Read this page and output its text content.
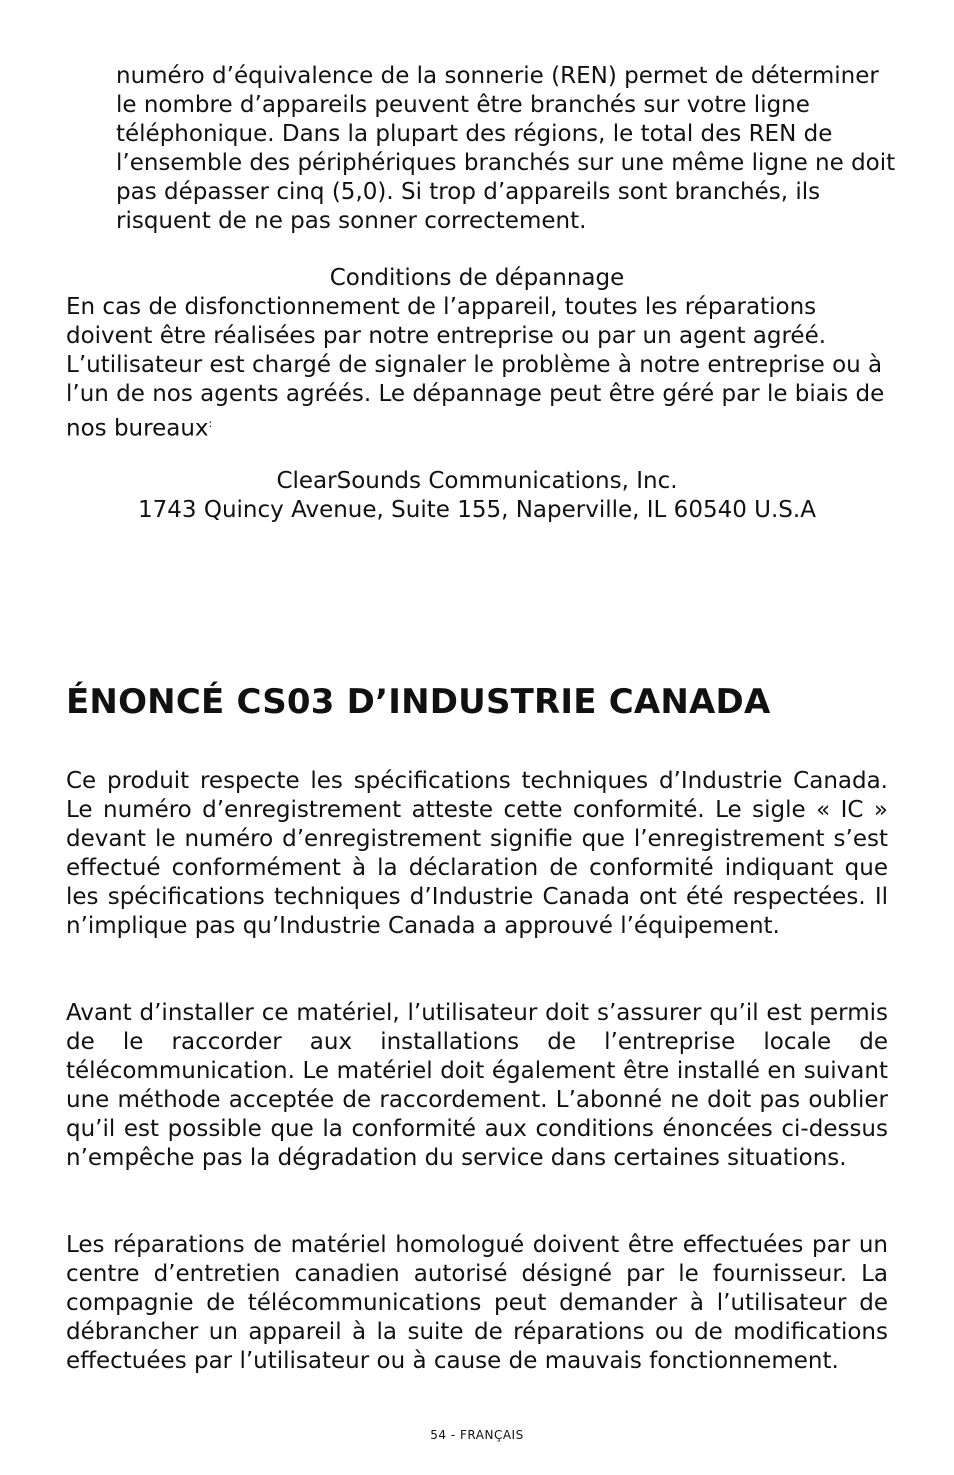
numéro d’équivalence de la sonnerie (REN) permet de déterminer le nombre d’appareils peuvent être branchés sur votre ligne téléphonique. Dans la plupart des régions, le total des REN de l’ensemble des périphériques branchés sur une même ligne ne doit pas dépasser cinq (5,0). Si trop d’appareils sont branchés, ils risquent de ne pas sonner correctement.

Conditions de dépannage

En cas de disfonctionnement de l’appareil, toutes les réparations doivent être réalisées par notre entreprise ou par un agent agréé. L’utilisateur est chargé de signaler le problème à notre entreprise ou à l’un de nos agents agréés. Le dépannage peut être géré par le biais de nos bureaux:

ClearSounds Communications, Inc.
1743 Quincy Avenue, Suite 155, Naperville, IL 60540 U.S.A

ÉNONCÉ CS03 D’INDUSTRIE CANADA

Ce produit respecte les spécifications techniques d’Industrie Canada. Le numéro d’enregistrement atteste cette conformité. Le sigle « IC » devant le numéro d’enregistrement signifie que l’enregistrement s’est effectué conformément à la déclaration de conformité indiquant que les spécifications techniques d’Industrie Canada ont été respectées. Il n’implique pas qu’Industrie Canada a approuvé l’équipement.

Avant d’installer ce matériel, l’utilisateur doit s’assurer qu’il est permis de le raccorder aux installations de l’entreprise locale de télécommunication. Le matériel doit également être installé en suivant une méthode acceptée de raccordement. L’abonné ne doit pas oublier qu’il est possible que la conformité aux conditions énoncées ci-dessus n’empêche pas la dégradation du service dans certaines situations.

Les réparations de matériel homologué doivent être effectuées par un centre d’entretien canadien autorisé désigné par le fournisseur. La compagnie de télécommunications peut demander à l’utilisateur de débrancher un appareil à la suite de réparations ou de modifications effectuées par l’utilisateur ou à cause de mauvais fonctionnement.

54 - FRANÇAIS
